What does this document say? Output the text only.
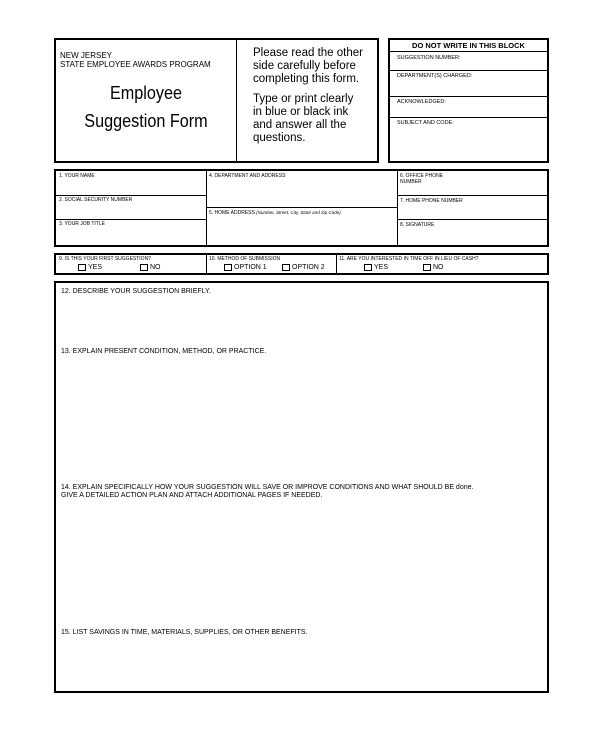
NEW JERSEY
STATE EMPLOYEE AWARDS PROGRAM
Employee
Suggestion Form
Please read the other
side carefully before
completing this form.
Type or print clearly
in blue or black ink
and answer all the
questions.
DO NOT WRITE IN THIS BLOCK
SUGGESTION NUMBER:
DEPARTMENT(S) CHARGED:
ACKNOWLEDGED:
SUBJECT AND CODE:
1. YOUR NAME
2. SOCIAL SECURITY NUMBER
3. YOUR JOB TITLE
4. DEPARTMENT AND ADDRESS
5. HOME ADDRESS (Number, Street, City, State and Zip Code)
6. OFFICE PHONE
NUMBER
7. HOME PHONE NUMBER
8. SIGNATURE
9. IS THIS YOUR FIRST SUGGESTION?
YES	NO
10. METHOD OF SUBMISSION
OPTION 1	OPTION 2
11. ARE YOU INTERESTED IN TIME OFF IN LIEU OF CASH?
YES	NO
12. DESCRIBE YOUR SUGGESTION BRIEFLY.
13. EXPLAIN PRESENT CONDITION, METHOD, OR PRACTICE.
14. EXPLAIN SPECIFICALLY HOW YOUR SUGGESTION WILL SAVE OR IMPROVE CONDITIONS AND WHAT SHOULD BE done.
GIVE A DETAILED ACTION PLAN AND ATTACH ADDITIONAL PAGES IF NEEDED.
15. LIST SAVINGS IN TIME, MATERIALS, SUPPLIES, OR OTHER BENEFITS.
